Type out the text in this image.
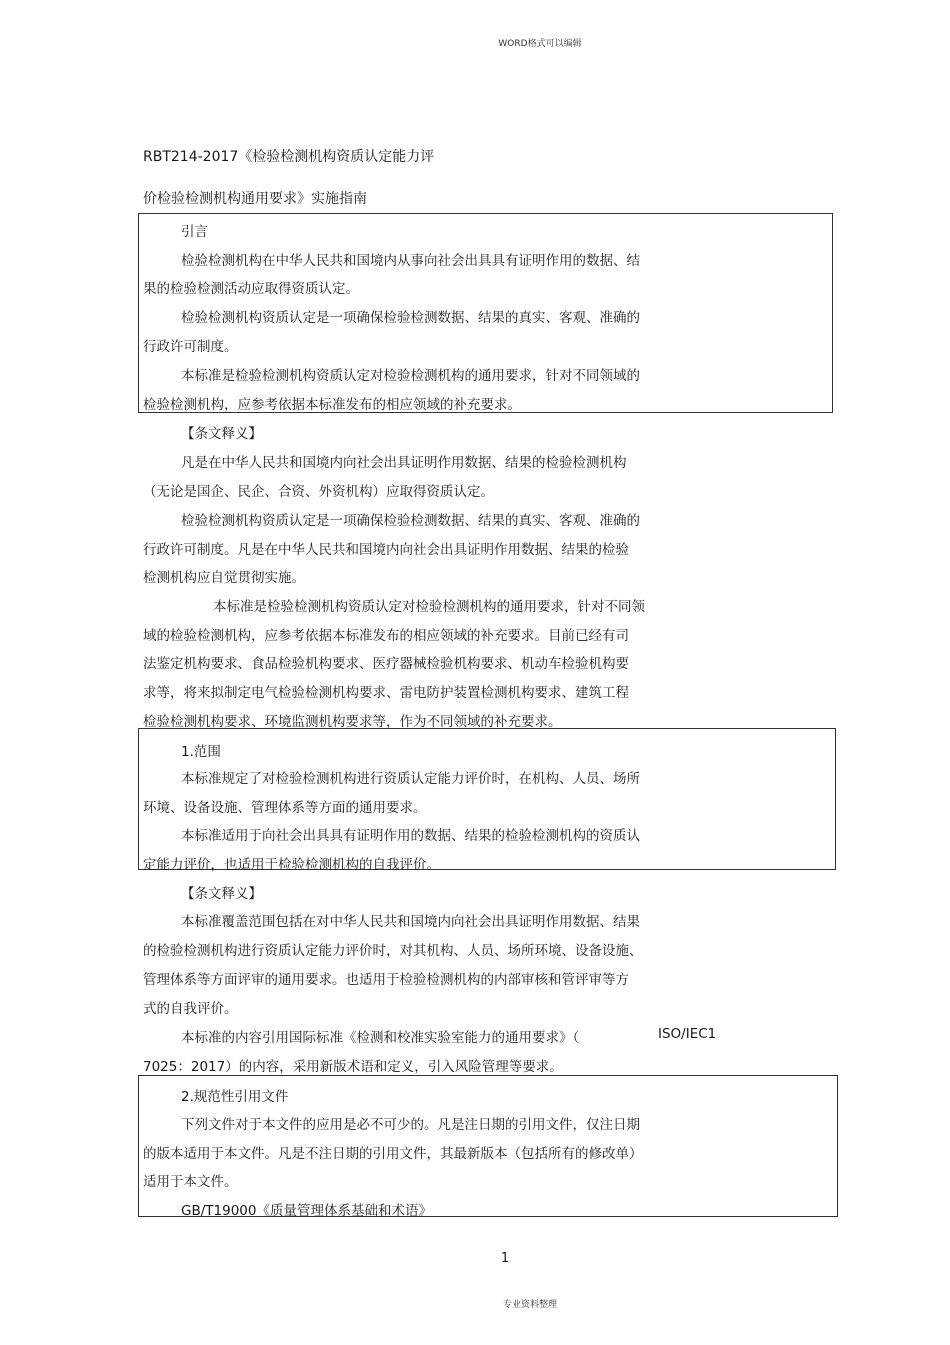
WORD格式可以编辑
RBT214-2017《检验检测机构资质认定能力评
价检验检测机构通用要求》实施指南
引言
检验检测机构在中华人民共和国境内从事向社会出具具有证明作用的数据、结
果的检验检测活动应取得资质认定。
检验检测机构资质认定是一项确保检验检测数据、结果的真实、客观、准确的
行政许可制度。
本标准是检验检测机构资质认定对检验检测机构的通用要求，针对不同领域的
检验检测机构，应参考依据本标准发布的相应领域的补充要求。
【条文释义】
凡是在中华人民共和国境内向社会出具证明作用数据、结果的检验检测机构
（无论是国企、民企、合资、外资机构）应取得资质认定。
检验检测机构资质认定是一项确保检验检测数据、结果的真实、客观、准确的
行政许可制度。凡是在中华人民共和国境内向社会出具证明作用数据、结果的检验
检测机构应自觉贯彻实施。
本标准是检验检测机构资质认定对检验检测机构的通用要求，针对不同领
域的检验检测机构，应参考依据本标准发布的相应领域的补充要求。目前已经有司
法鉴定机构要求、食品检验机构要求、医疗器械检验机构要求、机动车检验机构要
求等，将来拟制定电气检验检测机构要求、雷电防护装置检测机构要求、建筑工程
检验检测机构要求、环境监测机构要求等，作为不同领域的补充要求。
1.范围
本标准规定了对检验检测机构进行资质认定能力评价时，在机构、人员、场所
环境、设备设施、管理体系等方面的通用要求。
本标准适用于向社会出具具有证明作用的数据、结果的检验检测机构的资质认
定能力评价，也适用于检验检测机构的自我评价。
【条文释义】
本标准覆盖范围包括在对中华人民共和国境内向社会出具证明作用数据、结果
的检验检测机构进行资质认定能力评价时，对其机构、人员、场所环境、设备设施、
管理体系等方面评审的通用要求。也适用于检验检测机构的内部审核和管评审等方
式的自我评价。
本标准的内容引用国际标准《检测和校准实验室能力的通用要求》（	ISO/IEC1
7025：2017）的内容，采用新版术语和定义，引入风险管理等要求。
2.规范性引用文件
下列文件对于本文件的应用是必不可少的。凡是注日期的引用文件，仅注日期
的版本适用于本文件。凡是不注日期的引用文件，其最新版本（包括所有的修改单）
适用于本文件。
GB/T19000《质量管理体系基础和术语》
1
专业资料整理
